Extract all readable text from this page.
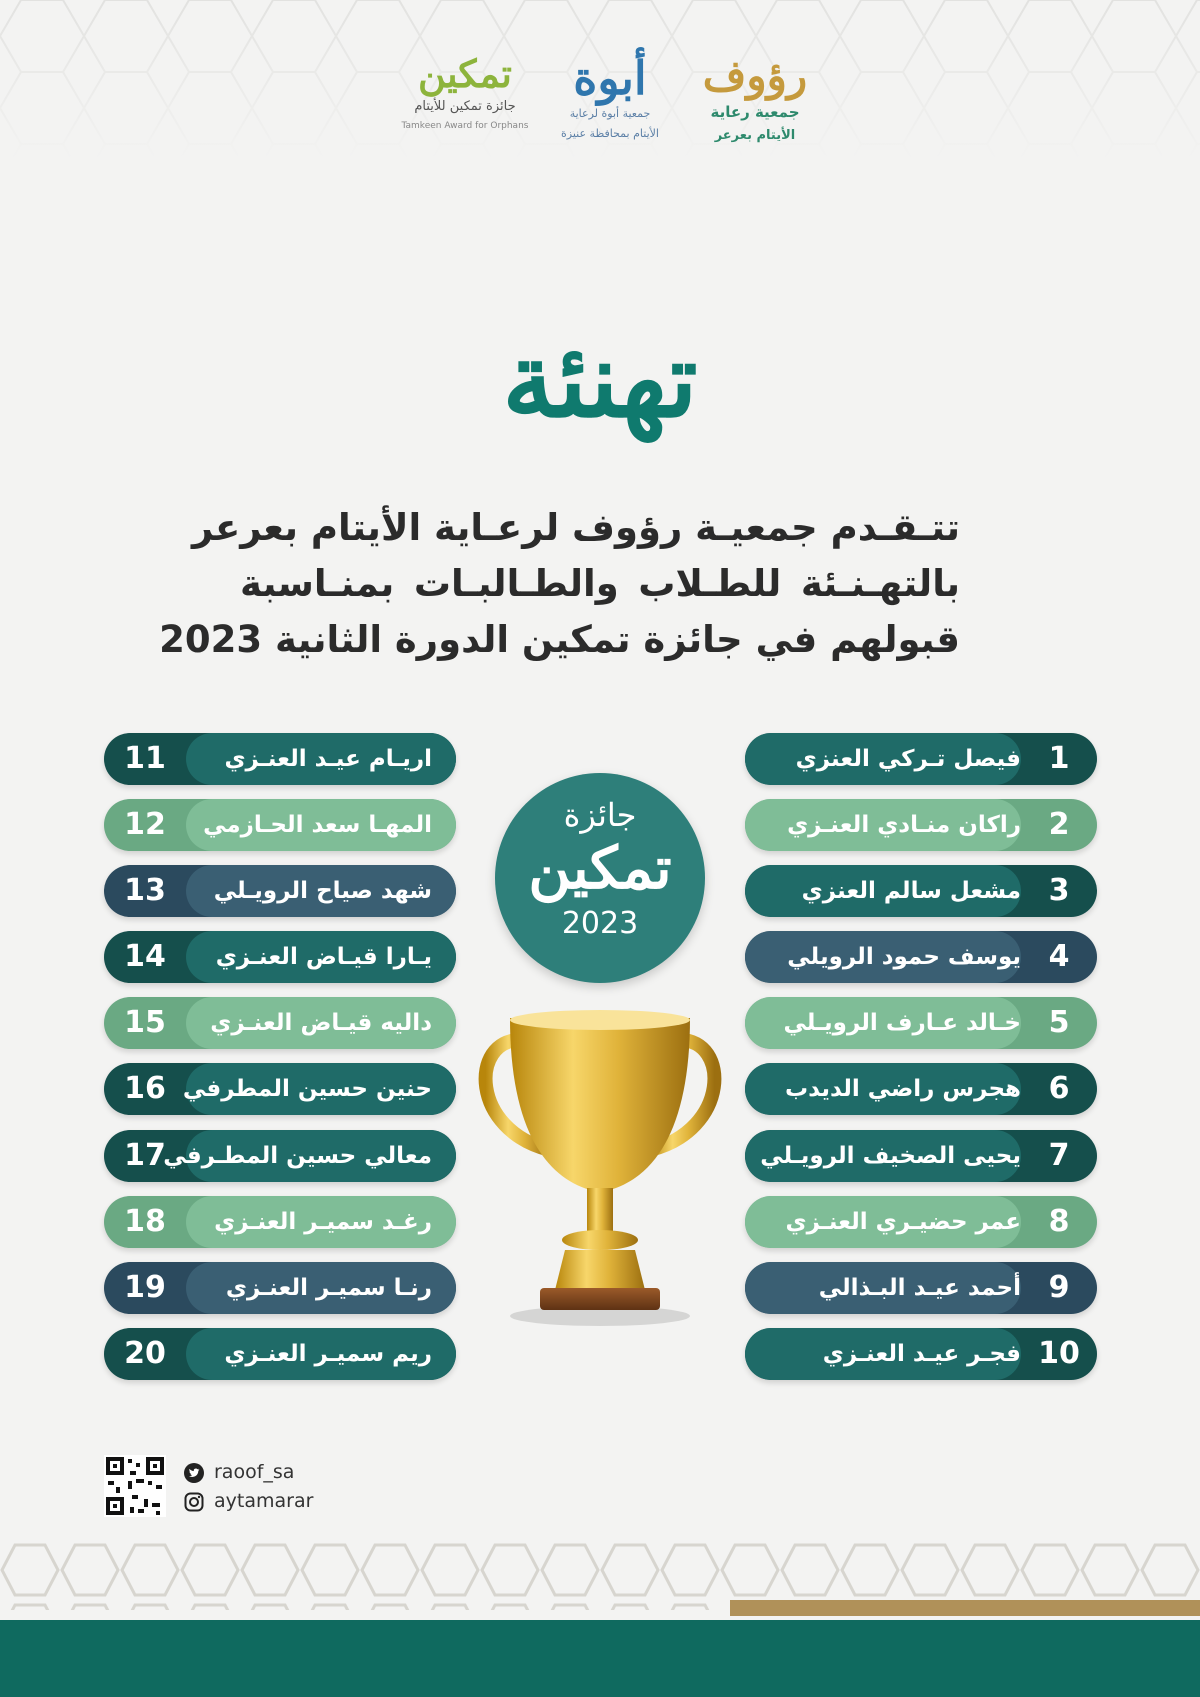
تمكين
جائزة تمكين للأيتام
Tamkeen Award for Orphans
أبوة
جمعية أبوة لرعاية
الأيتام بمحافظة عنيزة
رؤوف
جمعية رعاية
الأيتام بعرعر
تهنئة
تتـقـدم جمعيـة رؤوف لرعـاية الأيتام بعرعر
بالتهـنـئة للطـلاب والطـالبـات بمنـاسبة
قبولهم في جائزة تمكين الدورة الثانية 2023
1
فيصل تـركي العنزي
2
راكان منـادي العنـزي
3
مشعل سالم العنزي
4
يوسف حمود الرويلي
5
خـالد عـارف الرويـلي
6
هجرس راضي الديدب
7
يحيى الصخيف الرويـلي
8
عمر حضيـري العنـزي
9
أحمد عيـد البـذالي
10
فجـر عيـد العنـزي
11	اريـام عيـد العنـزي
12	المهـا سعد الحـازمي
13	شهد صياح الرويـلي
14	يـارا قيـاض العنـزي
15	داليه قيـاض العنـزي
16 حنين حسين المطرفي
17
معالي حسين المطـرفي
18	رغـد سميـر العنـزي
19	رنـا سميـر العنـزي
20	ريم سميـر العنـزي
جائزة
تمكين
2023
raoof_sa
aytamarar
